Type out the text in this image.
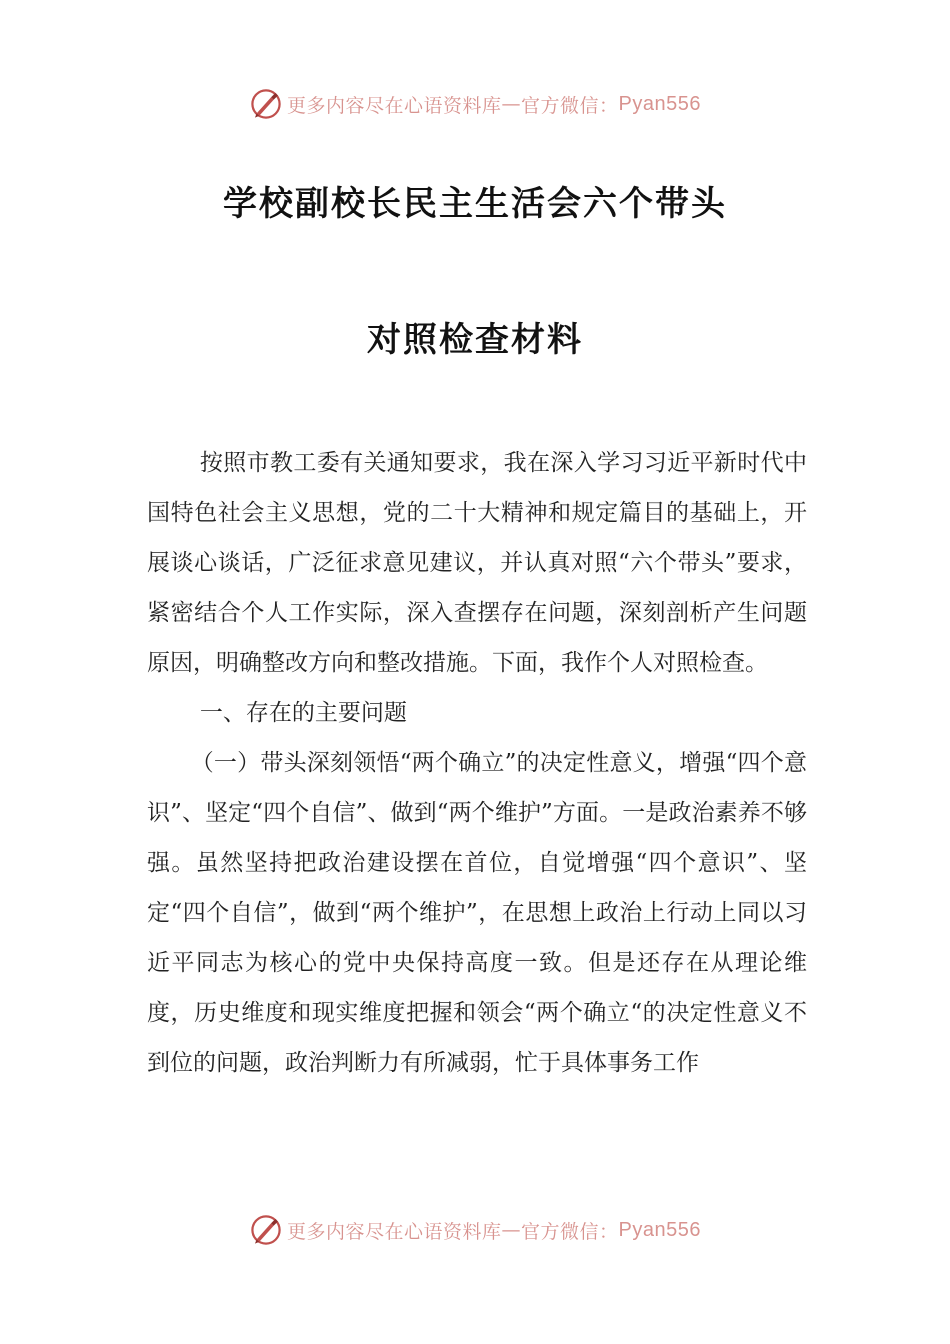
更多内容尽在心语资料库 — 官方微信： Pyan556
学校副校长民主生活会六个带头
对照检查材料

按照市教工委有关通知要求，我在深入学习习近平新时代中国特色社会主义思想，党的二十大精神和规定篇目的基础上，开展谈心谈话，广泛征求意见建议，并认真对照“六个带头”要求，紧密结合个人工作实际，深入查摆存在问题，深刻剖析产生问题原因，明确整改方向和整改措施。下面，我作个人对照检查。

一、存在的主要问题

（一）带头深刻领悟“两个确立”的决定性意义，增强“四个意识”、坚定“四个自信”、做到“两个维护”方面。一是政治素养不够强。虽然坚持把政治建设摆在首位，自觉增强“四个意识”、坚定“四个自信”，做到“两个维护”，在思想上政治上行动上同以习近平同志为核心的党中央保持高度一致。但是还存在从理论维度，历史维度和现实维度把握和领会“两个确立“的决定性意义不到位的问题，政治判断力有所减弱，忙于具体事务工作

更多内容尽在心语资料库 — 官方微信： Pyan556
